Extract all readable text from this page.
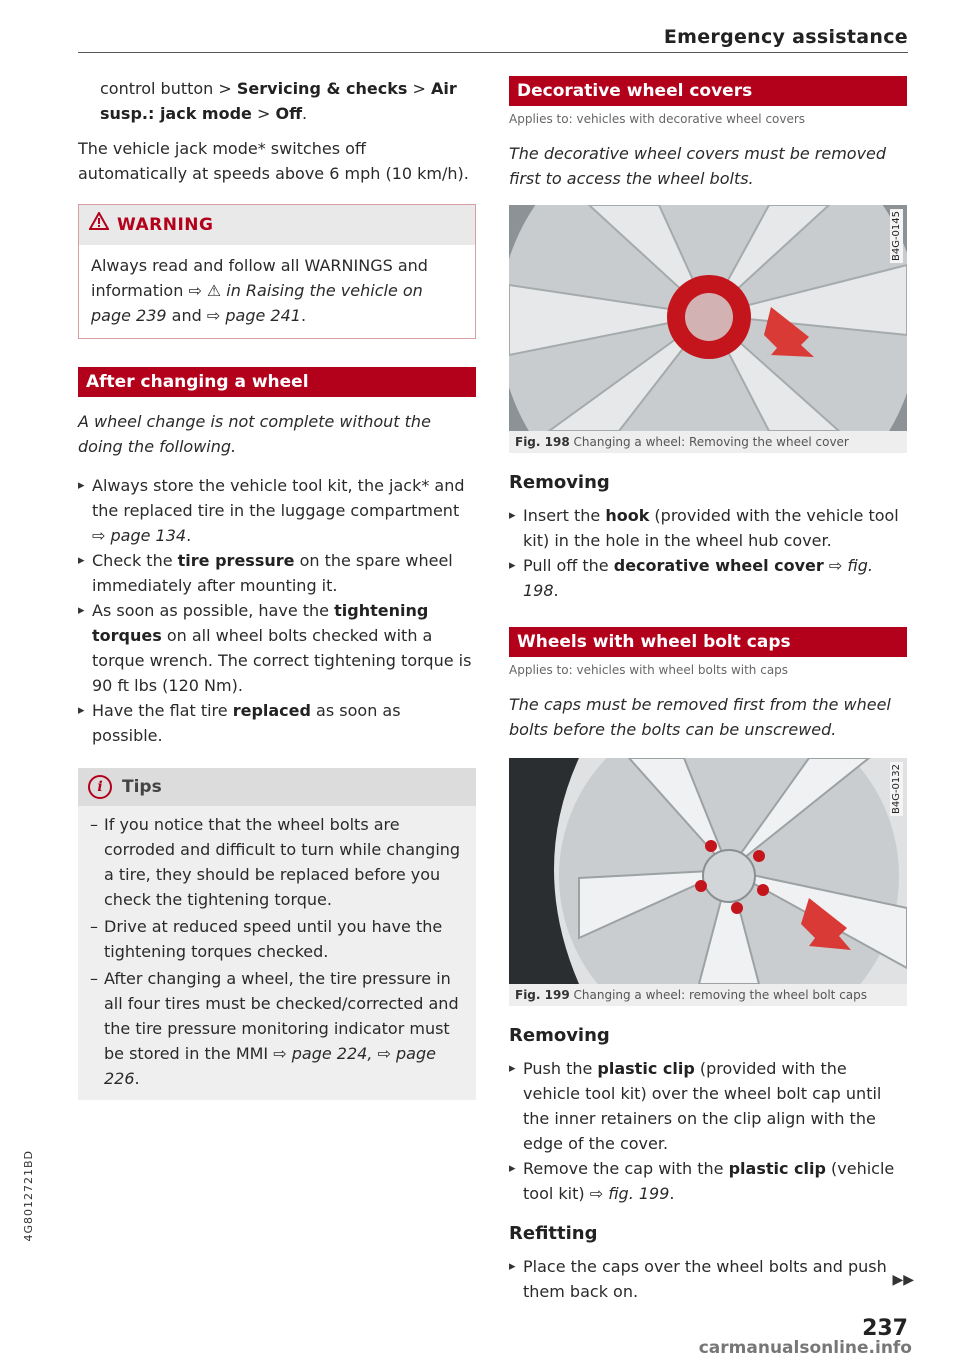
Emergency assistance

control button > Servicing & checks > Air susp.: jack mode > Off.

The vehicle jack mode* switches off automatically at speeds above 6 mph (10 km/h).

WARNING

Always read and follow all WARNINGS and information ⇨ ⚠ in Raising the vehicle on page 239 and ⇨ page 241.

After changing a wheel

A wheel change is not complete without the doing the following.

▸ Always store the vehicle tool kit, the jack* and the replaced tire in the luggage compartment ⇨ page 134.

▸ Check the tire pressure on the spare wheel immediately after mounting it.

▸ As soon as possible, have the tightening torques on all wheel bolts checked with a torque wrench. The correct tightening torque is 90 ft lbs (120 Nm).

▸ Have the flat tire replaced as soon as possible.

i Tips

– If you notice that the wheel bolts are corroded and difficult to turn while changing a tire, they should be replaced before you check the tightening torque.

– Drive at reduced speed until you have the tightening torques checked.

– After changing a wheel, the tire pressure in all four tires must be checked/corrected and the tire pressure monitoring indicator must be stored in the MMI ⇨ page 224, ⇨ page 226.

Decorative wheel covers
Applies to: vehicles with decorative wheel covers

The decorative wheel covers must be removed first to access the wheel bolts.

B4G-0145
Fig. 198 Changing a wheel: Removing the wheel cover
Removing

▸ Insert the hook (provided with the vehicle tool kit) in the hole in the wheel hub cover.

▸ Pull off the decorative wheel cover ⇨ fig. 198.

Wheels with wheel bolt caps
Applies to: vehicles with wheel bolts with caps

The caps must be removed first from the wheel bolts before the bolts can be unscrewed.

B4G-0132
Fig. 199 Changing a wheel: removing the wheel bolt caps
Removing

▸ Push the plastic clip (provided with the vehicle tool kit) over the wheel bolt cap until the inner retainers on the clip align with the edge of the cover.

▸ Remove the cap with the plastic clip (vehicle tool kit) ⇨ fig. 199.

Refitting

▸ Place the caps over the wheel bolts and push them back on.

4G8012721BD
▶▶
237
carmanualsonline.info
